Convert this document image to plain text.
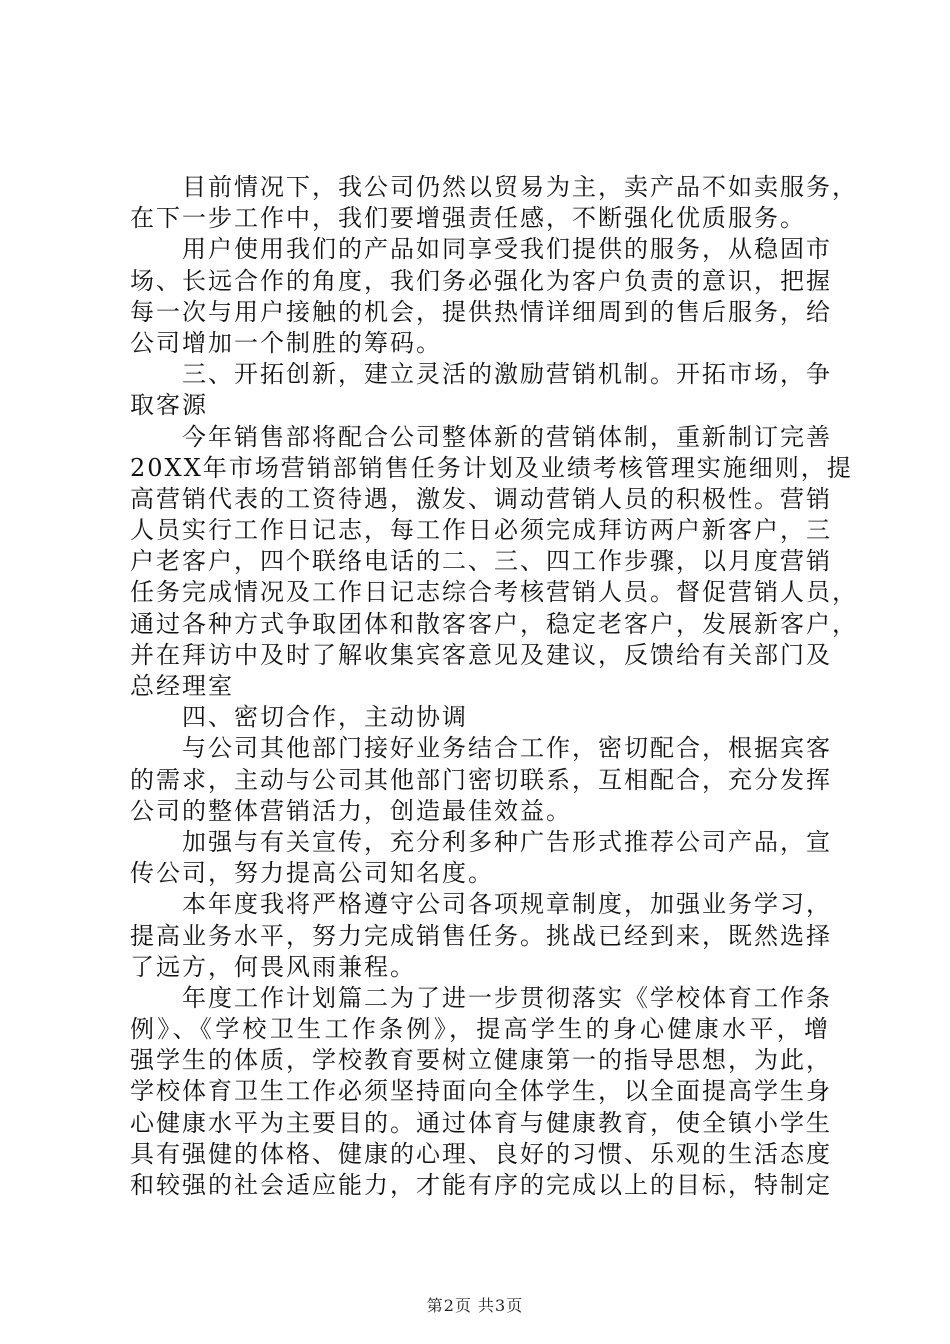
　　目前情况下，我公司仍然以贸易为主，卖产品不如卖服务，
在下一步工作中，我们要增强责任感，不断强化优质服务。
　　用户使用我们的产品如同享受我们提供的服务，从稳固市
场、长远合作的角度，我们务必强化为客户负责的意识，把握
每一次与用户接触的机会，提供热情详细周到的售后服务，给
公司增加一个制胜的筹码。
　　三、开拓创新，建立灵活的激励营销机制。开拓市场，争
取客源
　　今年销售部将配合公司整体新的营销体制，重新制订完善
20XX年市场营销部销售任务计划及业绩考核管理实施细则，提
高营销代表的工资待遇，激发、调动营销人员的积极性。营销
人员实行工作日记志，每工作日必须完成拜访两户新客户，三
户老客户，四个联络电话的二、三、四工作步骤，以月度营销
任务完成情况及工作日记志综合考核营销人员。督促营销人员，
通过各种方式争取团体和散客客户，稳定老客户，发展新客户，
并在拜访中及时了解收集宾客意见及建议，反馈给有关部门及
总经理室
　　四、密切合作，主动协调
　　与公司其他部门接好业务结合工作，密切配合，根据宾客
的需求，主动与公司其他部门密切联系，互相配合，充分发挥
公司的整体营销活力，创造最佳效益。
　　加强与有关宣传，充分利多种广告形式推荐公司产品，宣
传公司，努力提高公司知名度。
　　本年度我将严格遵守公司各项规章制度，加强业务学习，
提高业务水平，努力完成销售任务。挑战已经到来，既然选择
了远方，何畏风雨兼程。
　　年度工作计划篇二为了进一步贯彻落实《学校体育工作条
例》、《学校卫生工作条例》，提高学生的身心健康水平，增
强学生的体质，学校教育要树立健康第一的指导思想，为此，
学校体育卫生工作必须坚持面向全体学生，以全面提高学生身
心健康水平为主要目的。通过体育与健康教育，使全镇小学生
具有强健的体格、健康的心理、良好的习惯、乐观的生活态度
和较强的社会适应能力，才能有序的完成以上的目标，特制定
第2页 共3页
